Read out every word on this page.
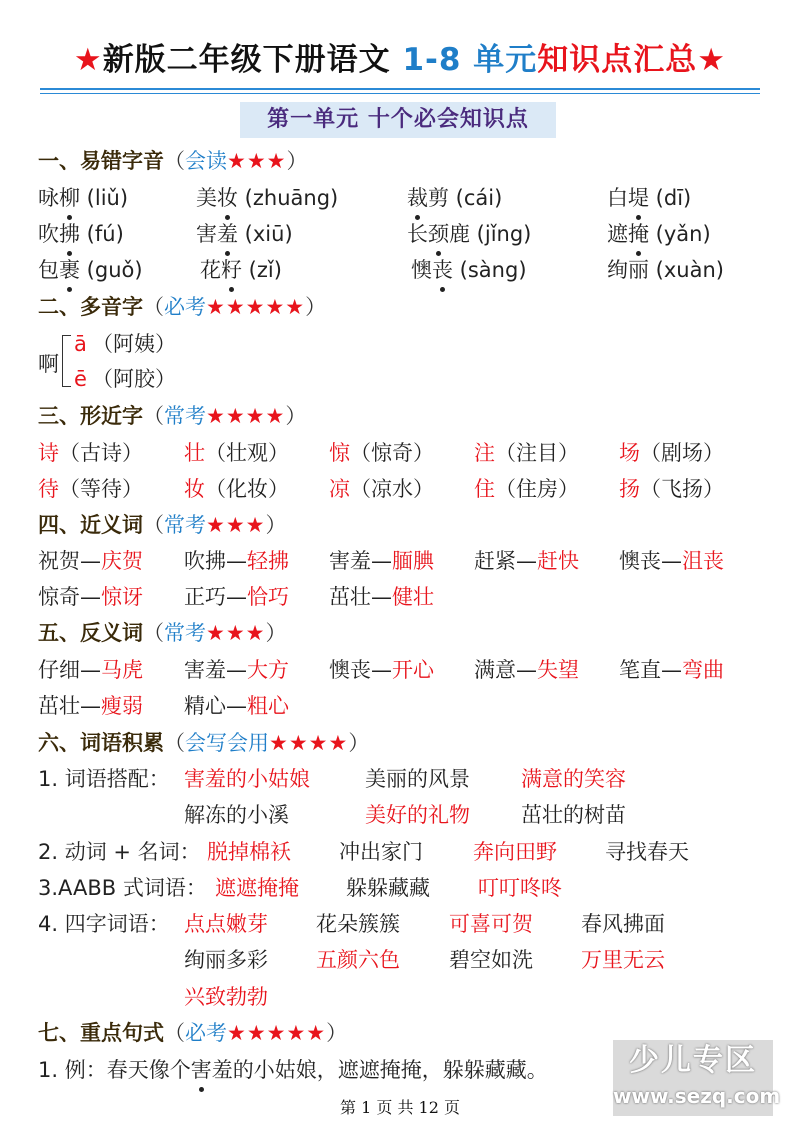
★新版二年级下册语文 1-8 单元知识点汇总★
第一单元 十个必会知识点
一、易错字音（会读★★★）
咏柳 (liǔ)	美妆 (zhuāng)	裁剪 (cái)	白堤 (dī)
吹拂 (fú)	害羞 (xiū)	长颈鹿 (jǐng)	遮掩 (yǎn)
包裹 (guǒ)	花籽 (zǐ)	懊丧 (sàng)	绚丽 (xuàn)
二、多音字（必考★★★★★）
啊
ā （阿姨）
ē （阿胶）
三、形近字（常考★★★★）
诗（古诗） 壮（壮观） 惊（惊奇） 注（注目） 场（剧场）
待（等待） 妆（化妆） 凉（凉水） 住（住房） 扬（飞扬）
四、近义词（常考★★★）
祝贺—庆贺 吹拂—轻拂 害羞—腼腆 赶紧—赶快 懊丧—沮丧
惊奇—惊讶 正巧—恰巧 茁壮—健壮
五、反义词（常考★★★）
仔细—马虎 害羞—大方 懊丧—开心 满意—失望 笔直—弯曲
茁壮—瘦弱 精心—粗心
六、词语积累（会写会用★★★★）
1. 词语搭配： 害羞的小姑娘	美丽的风景 满意的笑容
解冻的小溪	美好的礼物 茁壮的树苗
2. 动词 + 名词： 脱掉棉袄 冲出家门 奔向田野 寻找春天
3.AABB 式词语： 遮遮掩掩 躲躲藏藏 叮叮咚咚
4. 四字词语： 点点嫩芽 花朵簇簇 可喜可贺 春风拂面
绚丽多彩 五颜六色 碧空如洗 万里无云
兴致勃勃
七、重点句式（必考★★★★★）
1. 例：春天像个害羞的小姑娘，遮遮掩掩，躲躲藏藏。	少儿专区
www.sezq.com
第 1 页 共 12 页
